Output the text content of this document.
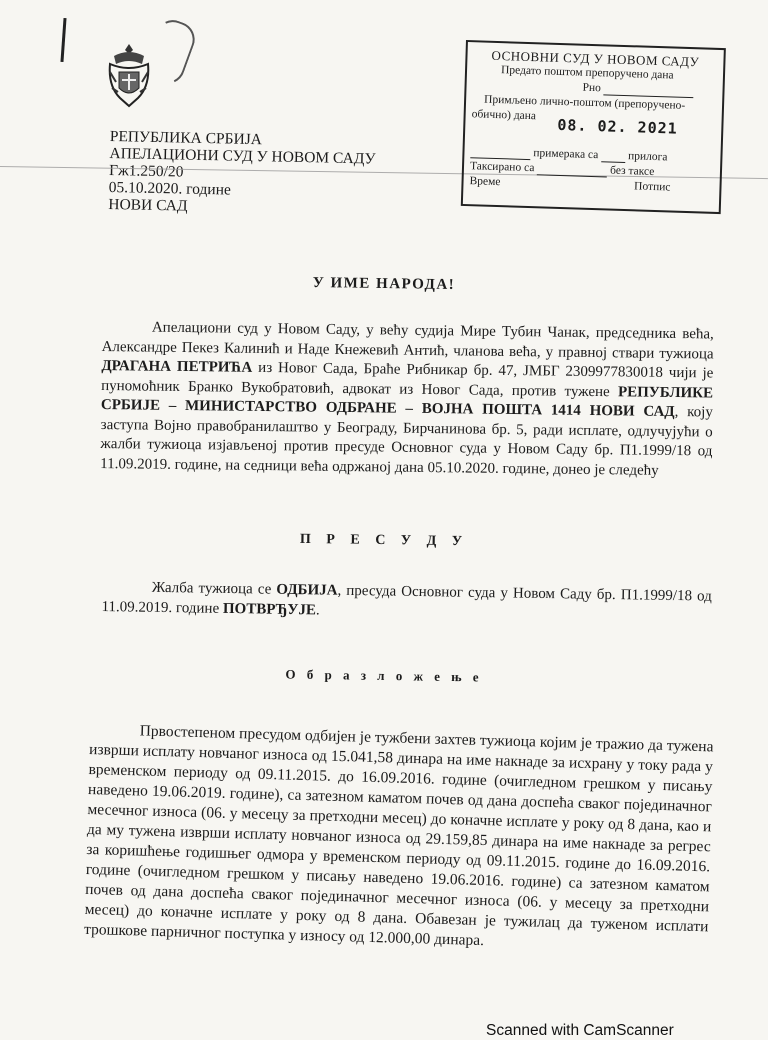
РЕПУБЛИКА СРБИЈА
АПЕЛАЦИОНИ СУД У НОВОМ САДУ
Гж1.250/20
05.10.2020. године
НОВИ САД
ОСНОВНИ СУД У НОВОМ САДУ
Предато поштом препоручено дана
Рно
Примљено лично-поштом (препоручено-
обично) дана
08. 02. 2021
примерака са	прилога
Таксирано са	без таксе
Време	Потпис
У ИМЕ НАРОДА!
Апелациони суд у Новом Саду, у већу судија Мире Тубин Чанак, председника већа, Александре Пекез Калинић и Наде Кнежевић Антић, чланова већа, у правној ствари тужиоца ДРАГАНА ПЕТРИЋА из Новог Сада, Браће Рибникар бр. 47, ЈМБГ 2309977830018 чији је пуномоћник Бранко Вукобратовић, адвокат из Новог Сада, против тужене РЕПУБЛИКЕ СРБИЈЕ – МИНИСТАРСТВО ОДБРАНЕ – ВОЈНА ПОШТА 1414 НОВИ САД, коју заступа Војно правобранилаштво у Београду, Бирчанинова бр. 5, ради исплате, одлучујући о жалби тужиоца изјављеној против пресуде Основног суда у Новом Саду бр. П1.1999/18 од 11.09.2019. године, на седници већа одржаној дана 05.10.2020. године, донео је следећу
П Р Е С У Д У
Жалба тужиоца се ОДБИЈА, пресуда Основног суда у Новом Саду бр. П1.1999/18 од 11.09.2019. године ПОТВРЂУЈЕ.
О б р а з л о ж е њ е
Првостепеном пресудом одбијен је тужбени захтев тужиоца којим је тражио да тужена изврши исплату новчаног износа од 15.041,58 динара на име накнаде за исхрану у току рада у временском периоду од 09.11.2015. до 16.09.2016. године (очигледном грешком у писању наведено 19.06.2019. године), са затезном каматом почев од дана доспећа сваког појединачног месечног износа (06. у месецу за претходни месец) до коначне исплате у року од 8 дана, као и да му тужена изврши исплату новчаног износа од 29.159,85 динара на име накнаде за регрес за коришћење годишњег одмора у временском периоду од 09.11.2015. године до 16.09.2016. године (очигледном грешком у писању наведено 19.06.2016. године) са затезном каматом почев од дана доспећа сваког појединачног месечног износа (06. у месецу за претходни месец) до коначне исплате у року од 8 дана. Обавезан је тужилац да туженом исплати трошкове парничног поступка у износу од 12.000,00 динара.
Scanned with CamScanner
